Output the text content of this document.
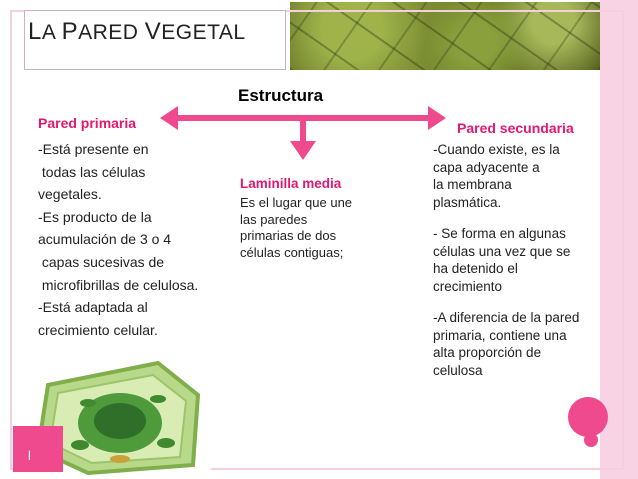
LA PARED VEGETAL
Estructura
Pared primaria	Pared secundaria
Laminilla media
-Está presente en
todas las células
vegetales.
-Es producto de la
acumulación de 3 o 4
capas sucesivas de
microfibrillas de celulosa.
-Está adaptada al
crecimiento celular.
Es el lugar que une
las paredes
primarias de dos
células contiguas;
-Cuando existe, es la
capa adyacente a
la membrana
plasmática.
- Se forma en algunas
células una vez que se
ha detenido el
crecimiento
-A diferencia de la pared
primaria, contiene una
alta proporción de
celulosa
l
